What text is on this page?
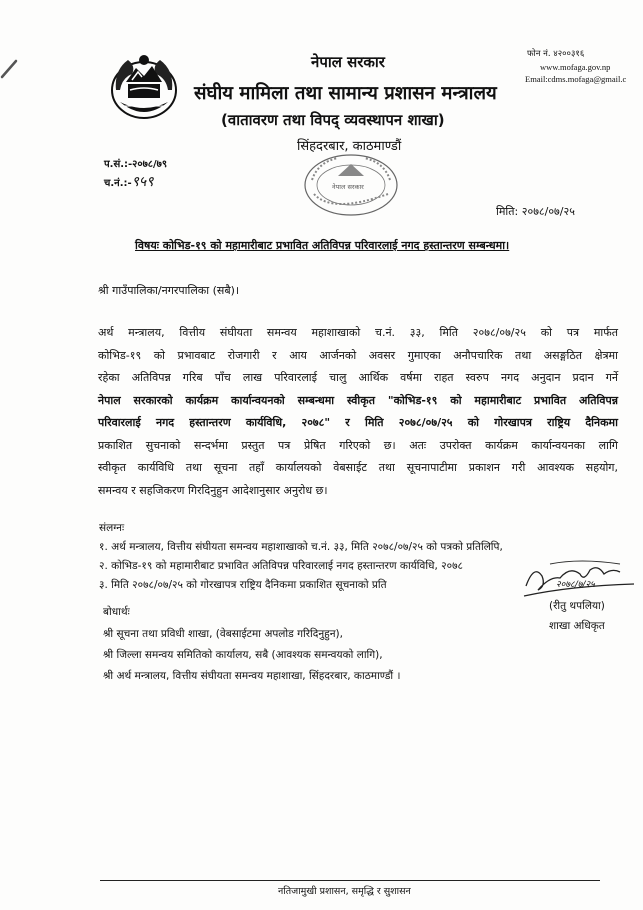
नेपाल सरकार
संघीय मामिला तथा सामान्य प्रशासन मन्त्रालय
(वातावरण तथा विपद् व्यवस्थापन शाखा)
सिंहदरबार, काठमाण्डौं
फोन नं. ४२००३१६
www.mofaga.gov.np
Email:cdms.mofaga@gmail.c
प.सं.:-२०७८/७९
च.नं.:-९५९	नेपाल सरकार
मिति: २०७८/०७/२५
विषयः कोभिड-१९ को महामारीबाट प्रभावित अतिविपन्न परिवारलाई नगद हस्तान्तरण सम्बन्धमा।
श्री गाउँपालिका/नगरपालिका (सबै)।
अर्थ मन्त्रालय, वित्तीय संघीयता समन्वय महाशाखाको च.नं. ३३, मिति २०७८/०७/२५ को पत्र मार्फत
कोभिड-१९ को प्रभावबाट रोजगारी र आय आर्जनको अवसर गुमाएका अनौपचारिक तथा असङ्गठित क्षेत्रमा
रहेका अतिविपन्न गरिब पाँच लाख परिवारलाई चालु आर्थिक वर्षमा राहत स्वरुप नगद अनुदान प्रदान गर्ने
नेपाल सरकारको कार्यक्रम कार्यान्वयनको सम्बन्धमा स्वीकृत "कोभिड-१९ को महामारीबाट प्रभावित अतिविपन्न
परिवारलाई नगद हस्तान्तरण कार्यविधि, २०७८" र मिति २०७८/०७/२५ को गोरखापत्र राष्ट्रिय दैनिकमा
प्रकाशित सुचनाको सन्दर्भमा प्रस्तुत पत्र प्रेषित गरिएको छ। अतः उपरोक्त कार्यक्रम कार्यान्वयनका लागि
स्वीकृत कार्यविधि तथा सूचना तहाँ कार्यालयको वेबसाईट तथा सूचनापाटीमा प्रकाशन गरी आवश्यक सहयोग,
समन्वय र सहजिकरण गिरदिनुहुन आदेशानुसार अनुरोध छ।
संलग्नः
१. अर्थ मन्त्रालय, वित्तीय संघीयता समन्वय महाशाखाको च.नं. ३३, मिति २०७८/०७/२५ को पत्रको प्रतिलिपि,
२. कोभिड-१९ को महामारीबाट प्रभावित अतिविपन्न परिवारलाई नगद हस्तान्तरण कार्यविधि, २०७८
३. मिति २०७८/०७/२५ को गोरखापत्र राष्ट्रिय दैनिकमा प्रकाशित सूचनाको प्रति	२०७८/७/२५
(रीतु थपलिया)
शाखा अधिकृत
बोधार्थः
श्री सूचना तथा प्रविधी शाखा, (वेबसाईटमा अपलोड गरिदिनुहुन),
श्री जिल्ला समन्वय समितिको कार्यालय, सबै (आवश्यक समन्वयको लागि),
श्री अर्थ मन्त्रालय, वित्तीय संघीयता समन्वय महाशाखा, सिंहदरबार, काठमाण्डौं ।
नतिजामुखी प्रशासन, समृद्धि र सुशासन
